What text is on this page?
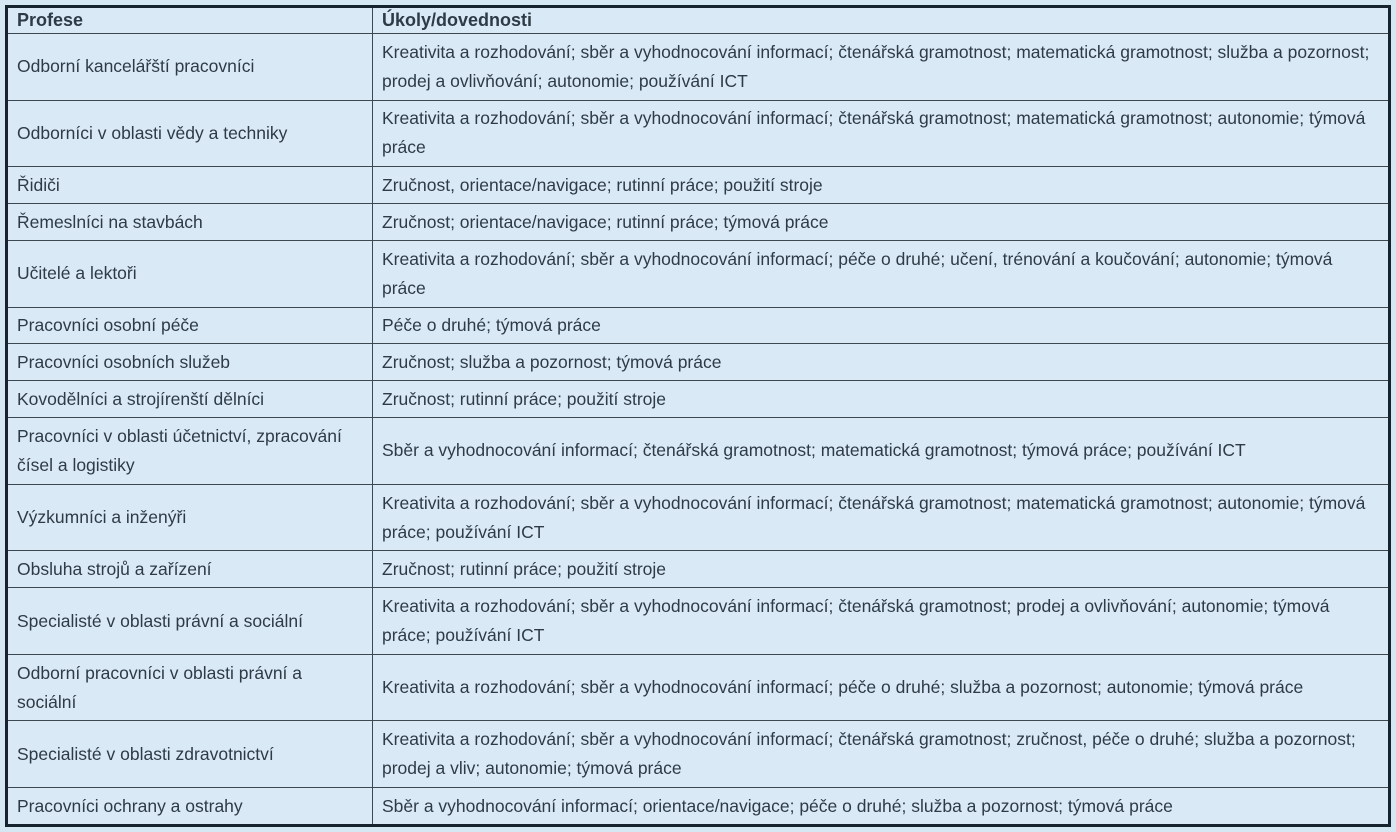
Profese	Úkoly/dovednosti
Odborní kancelářští pracovníci	Kreativita a rozhodování; sběr a vyhodnocování informací; čtenářská gramotnost; matematická gramotnost; služba a pozornost; prodej a ovlivňování; autonomie; používání ICT
Odborníci v oblasti vědy a techniky	Kreativita a rozhodování; sběr a vyhodnocování informací; čtenářská gramotnost; matematická gramotnost; autonomie; týmová práce
Řidiči	Zručnost, orientace/navigace; rutinní práce; použití stroje
Řemeslníci na stavbách	Zručnost; orientace/navigace; rutinní práce; týmová práce
Učitelé a lektoři	Kreativita a rozhodování; sběr a vyhodnocování informací; péče o druhé; učení, trénování a koučování; autonomie; týmová práce
Pracovníci osobní péče	Péče o druhé; týmová práce
Pracovníci osobních služeb	Zručnost; služba a pozornost; týmová práce
Kovodělníci a strojírenští dělníci	Zručnost; rutinní práce; použití stroje
Pracovníci v oblasti účetnictví, zpracování čísel a logistiky	Sběr a vyhodnocování informací; čtenářská gramotnost; matematická gramotnost; týmová práce; používání ICT
Výzkumníci a inženýři	Kreativita a rozhodování; sběr a vyhodnocování informací; čtenářská gramotnost; matematická gramotnost; autonomie; týmová práce; používání ICT
Obsluha strojů a zařízení	Zručnost; rutinní práce; použití stroje
Specialisté v oblasti právní a sociální	Kreativita a rozhodování; sběr a vyhodnocování informací; čtenářská gramotnost; prodej a ovlivňování; autonomie; týmová práce; používání ICT
Odborní pracovníci v oblasti právní a sociální	Kreativita a rozhodování; sběr a vyhodnocování informací; péče o druhé; služba a pozornost; autonomie; týmová práce
Specialisté v oblasti zdravotnictví	Kreativita a rozhodování; sběr a vyhodnocování informací; čtenářská gramotnost; zručnost, péče o druhé; služba a pozornost; prodej a vliv; autonomie; týmová práce
Pracovníci ochrany a ostrahy	Sběr a vyhodnocování informací; orientace/navigace; péče o druhé; služba a pozornost; týmová práce
